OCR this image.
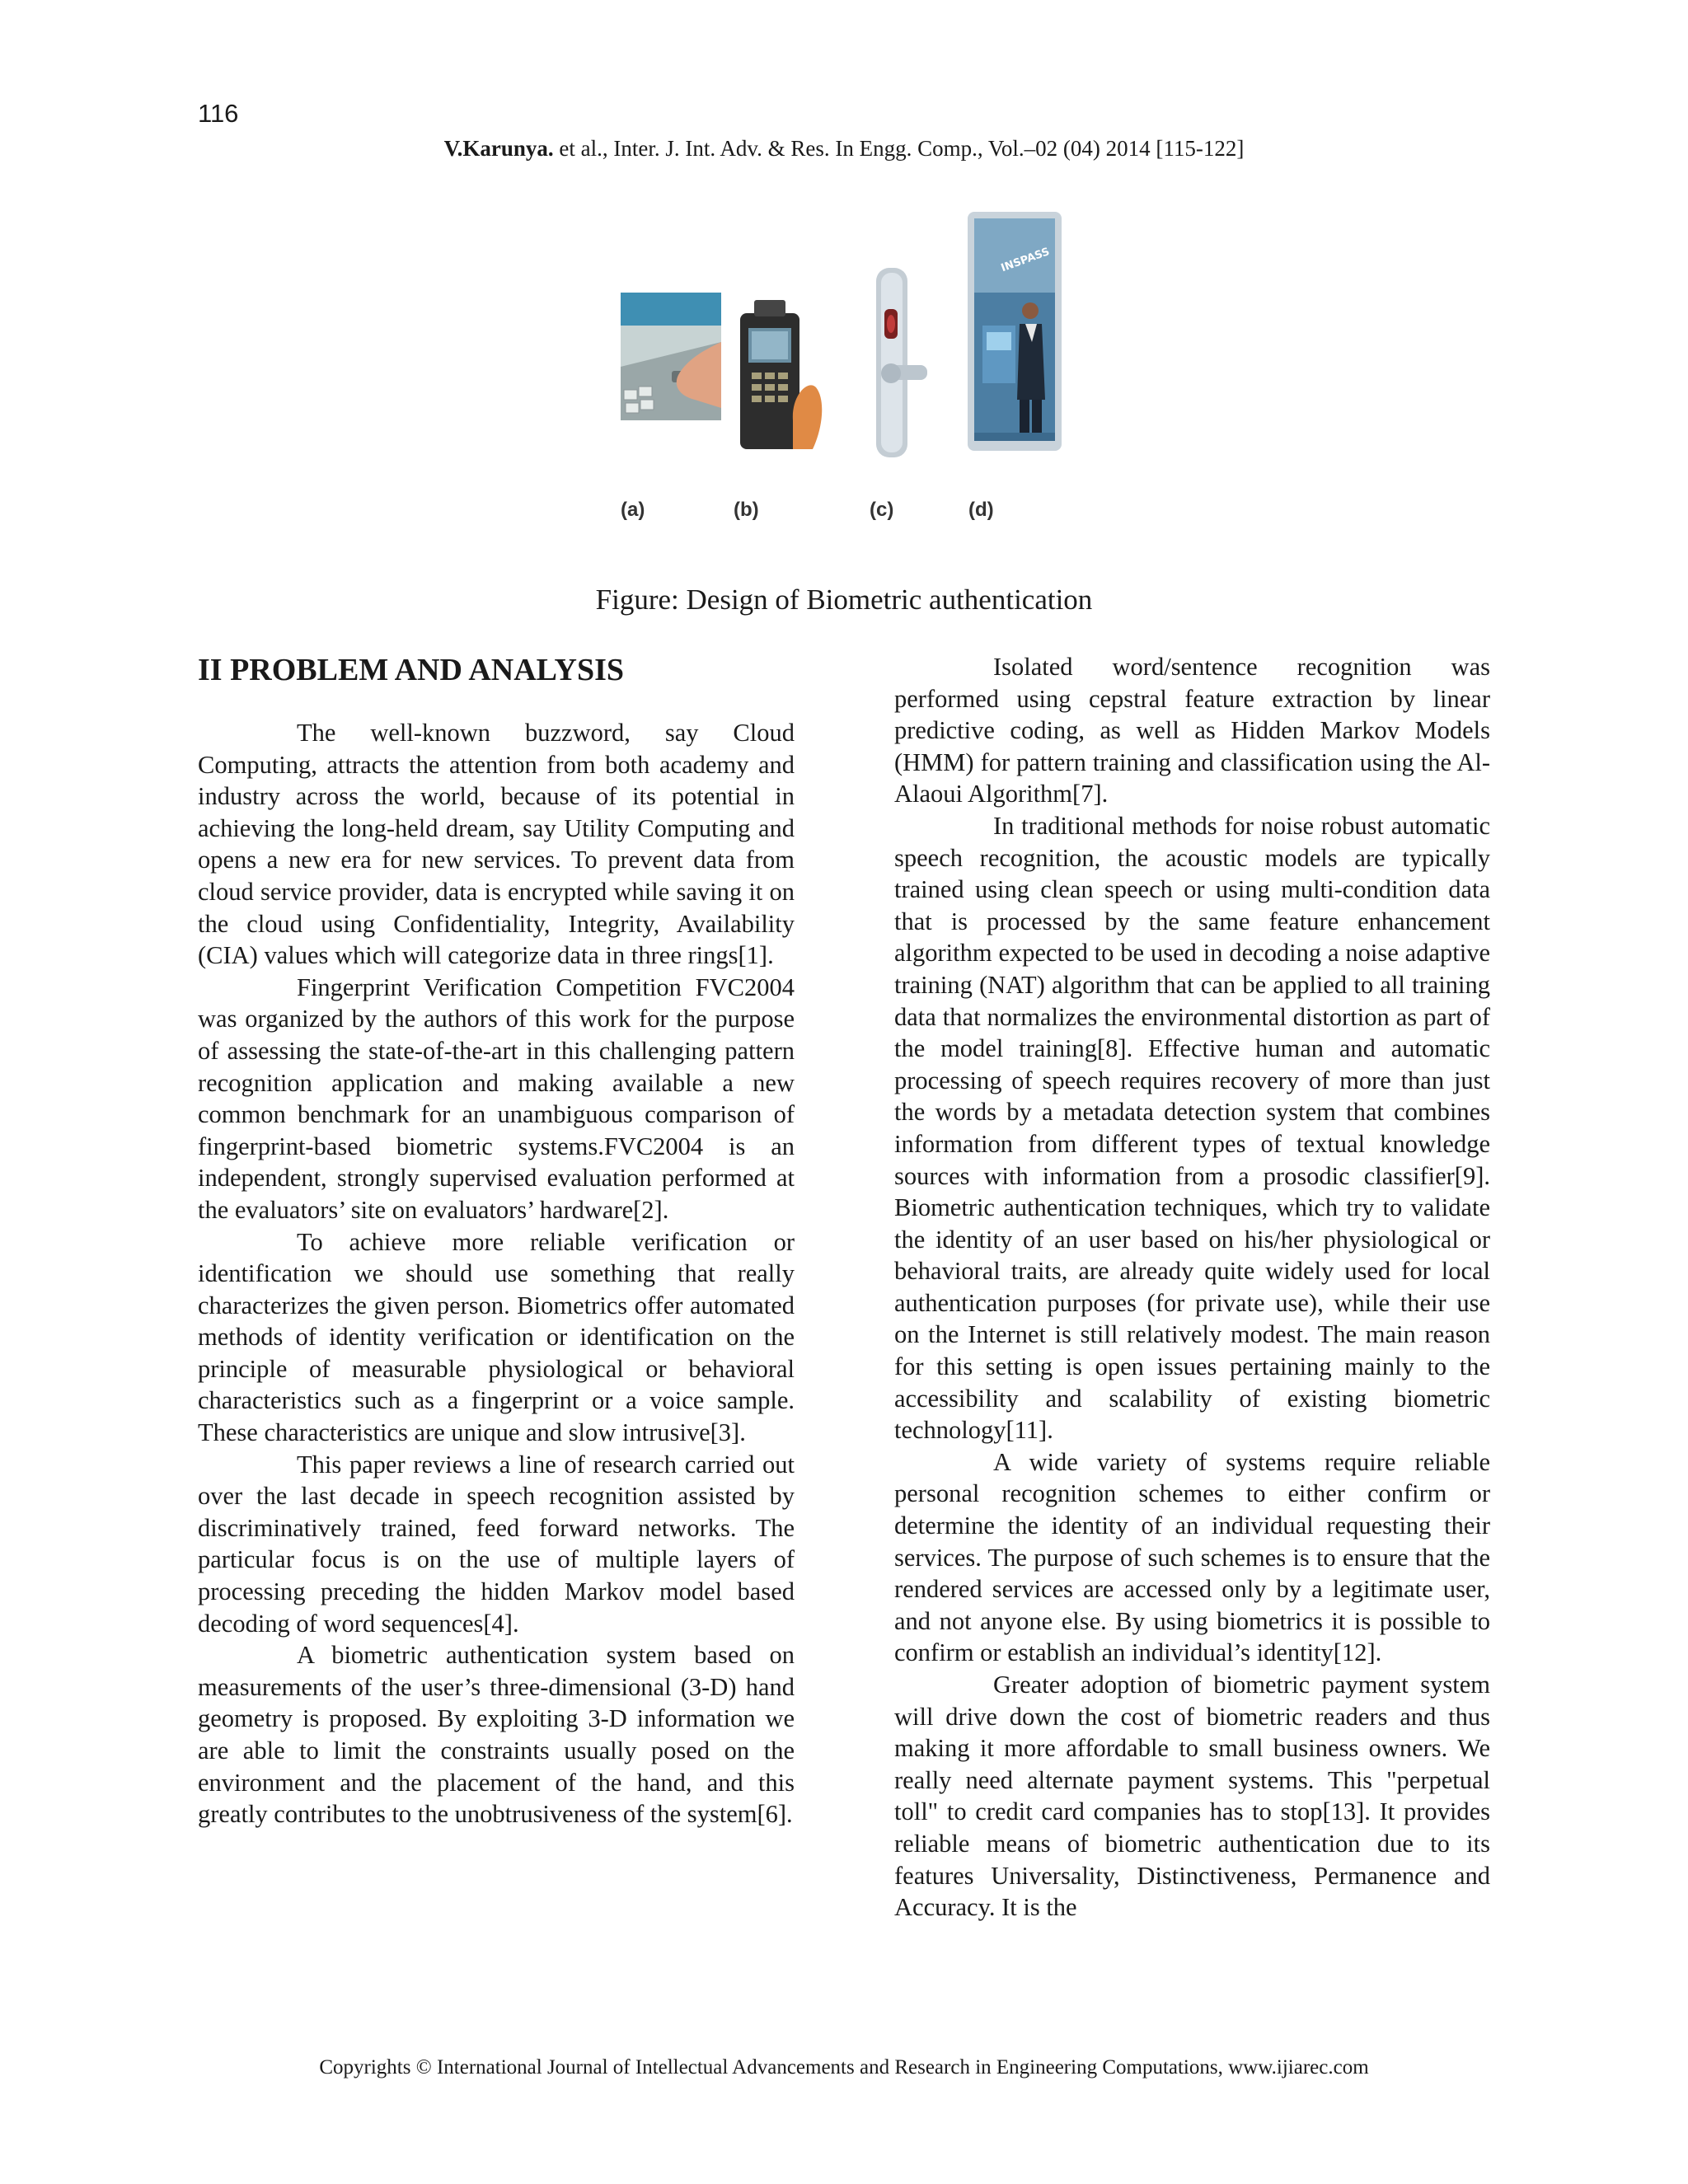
116
V.Karunya. et al., Inter. J. Int. Adv. & Res. In Engg. Comp., Vol.–02 (04) 2014 [115-122]
INSPASS
(a)	(b)	(c)	(d)
Figure: Design of Biometric authentication
II PROBLEM AND ANALYSIS

The well-known buzzword, say Cloud Computing, attracts the attention from both academy and industry across the world, because of its potential in achieving the long-held dream, say Utility Computing and opens a new era for new services. To prevent data from cloud service provider, data is encrypted while saving it on the cloud using Confidentiality, Integrity, Availability (CIA) values which will categorize data in three rings[1].

Fingerprint Verification Competition FVC2004 was organized by the authors of this work for the purpose of assessing the state-of-the-art in this challenging pattern recognition application and making available a new common benchmark for an unambiguous comparison of fingerprint-based biometric systems.FVC2004 is an independent, strongly supervised evaluation performed at the evaluators’ site on evaluators’ hardware[2].

To achieve more reliable verification or identification we should use something that really characterizes the given person. Biometrics offer automated methods of identity verification or identification on the principle of measurable physiological or behavioral characteristics such as a fingerprint or a voice sample. These characteristics are unique and slow intrusive[3].

This paper reviews a line of research carried out over the last decade in speech recognition assisted by discriminatively trained, feed forward networks. The particular focus is on the use of multiple layers of processing preceding the hidden Markov model based decoding of word sequences[4].

A biometric authentication system based on measurements of the user’s three-dimensional (3-D) hand geometry is proposed. By exploiting 3-D information we are able to limit the constraints usually posed on the environment and the placement of the hand, and this greatly contributes to the unobtrusiveness of the system[6].

Isolated word/sentence recognition was performed using cepstral feature extraction by linear predictive coding, as well as Hidden Markov Models (HMM) for pattern training and classification using the Al-Alaoui Algorithm[7].

In traditional methods for noise robust automatic speech recognition, the acoustic models are typically trained using clean speech or using multi-condition data that is processed by the same feature enhancement algorithm expected to be used in decoding a noise adaptive training (NAT) algorithm that can be applied to all training data that normalizes the environmental distortion as part of the model training[8]. Effective human and automatic processing of speech requires recovery of more than just the words by a metadata detection system that combines information from different types of textual knowledge sources with information from a prosodic classifier[9]. Biometric authentication techniques, which try to validate the identity of an user based on his/her physiological or behavioral traits, are already quite widely used for local authentication purposes (for private use), while their use on the Internet is still relatively modest. The main reason for this setting is open issues pertaining mainly to the accessibility and scalability of existing biometric technology[11].

A wide variety of systems require reliable personal recognition schemes to either confirm or determine the identity of an individual requesting their services. The purpose of such schemes is to ensure that the rendered services are accessed only by a legitimate user, and not anyone else. By using biometrics it is possible to confirm or establish an individual’s identity[12].

Greater adoption of biometric payment system will drive down the cost of biometric readers and thus making it more affordable to small business owners. We really need alternate payment systems. This "perpetual toll" to credit card companies has to stop[13]. It provides reliable means of biometric authentication due to its features Universality, Distinctiveness, Permanence and Accuracy. It is the

Copyrights © International Journal of Intellectual Advancements and Research in Engineering Computations, www.ijiarec.com
